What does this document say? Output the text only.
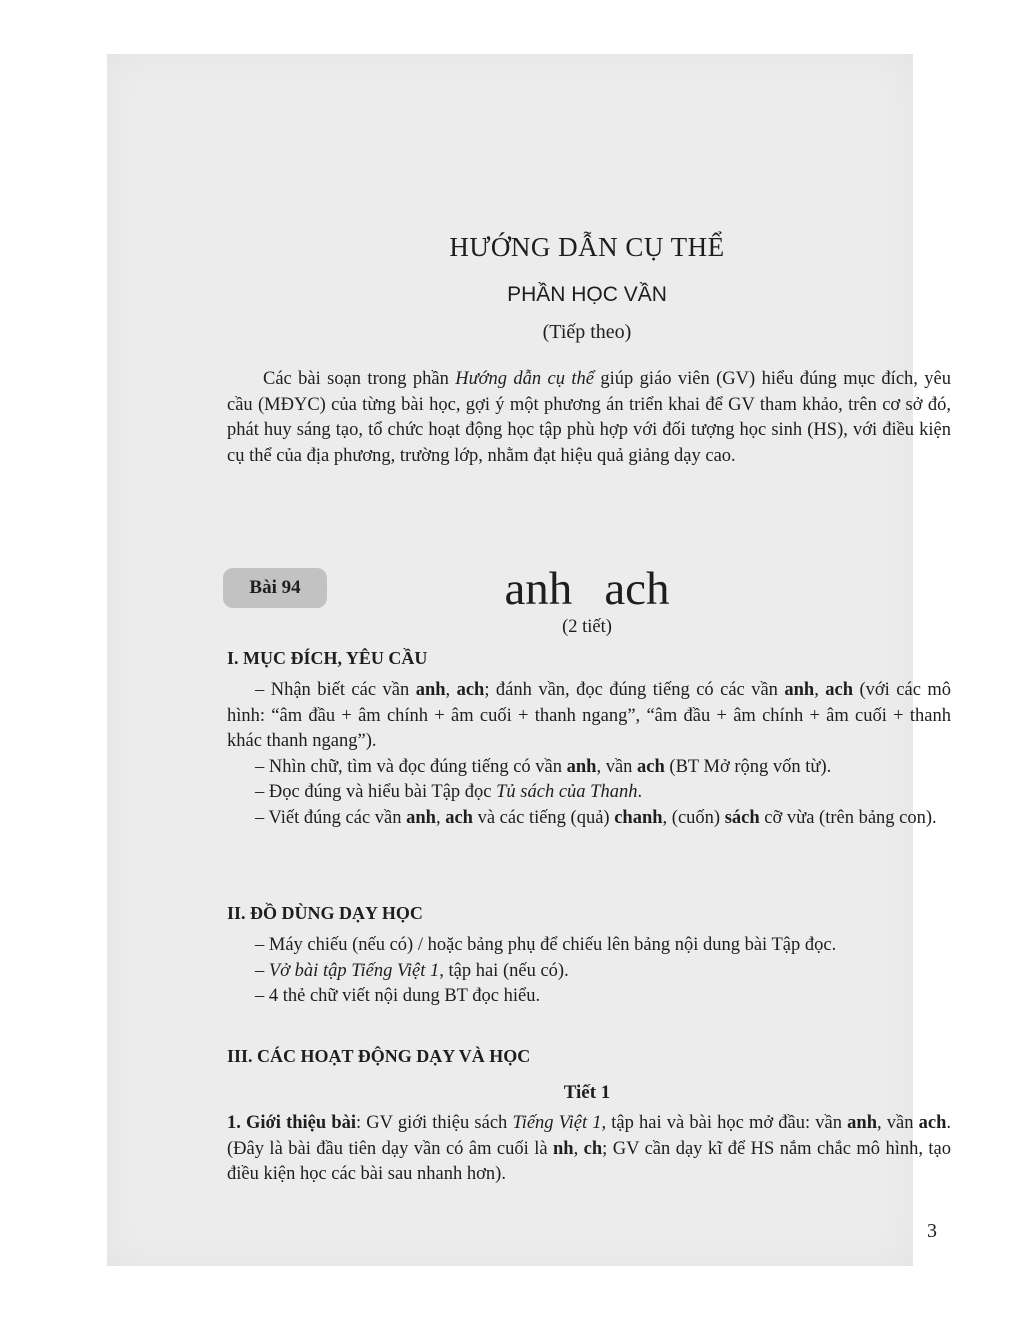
HƯỚNG DẪN CỤ THỂ
PHẦN HỌC VẦN
(Tiếp theo)
Các bài soạn trong phần Hướng dẫn cụ thể giúp giáo viên (GV) hiểu đúng mục đích, yêu cầu (MĐYC) của từng bài học, gợi ý một phương án triển khai để GV tham khảo, trên cơ sở đó, phát huy sáng tạo, tổ chức hoạt động học tập phù hợp với đối tượng học sinh (HS), với điều kiện cụ thể của địa phương, trường lớp, nhằm đạt hiệu quả giảng dạy cao.
Bài 94	anh ach
(2 tiết)
I. MỤC ĐÍCH, YÊU CẦU

– Nhận biết các vần anh, ach; đánh vần, đọc đúng tiếng có các vần anh, ach (với các mô hình: “âm đầu + âm chính + âm cuối + thanh ngang”, “âm đầu + âm chính + âm cuối + thanh khác thanh ngang”).

– Nhìn chữ, tìm và đọc đúng tiếng có vần anh, vần ach (BT Mở rộng vốn từ).

– Đọc đúng và hiểu bài Tập đọc Tủ sách của Thanh.

– Viết đúng các vần anh, ach và các tiếng (quả) chanh, (cuốn) sách cỡ vừa (trên bảng con).

II. ĐỒ DÙNG DẠY HỌC

– Máy chiếu (nếu có) / hoặc bảng phụ để chiếu lên bảng nội dung bài Tập đọc.

– Vở bài tập Tiếng Việt 1, tập hai (nếu có).

– 4 thẻ chữ viết nội dung BT đọc hiểu.

III. CÁC HOẠT ĐỘNG DẠY VÀ HỌC
Tiết 1
1. Giới thiệu bài: GV giới thiệu sách Tiếng Việt 1, tập hai và bài học mở đầu: vần anh, vần ach. (Đây là bài đầu tiên dạy vần có âm cuối là nh, ch; GV cần dạy kĩ để HS nắm chắc mô hình, tạo điều kiện học các bài sau nhanh hơn).
3
